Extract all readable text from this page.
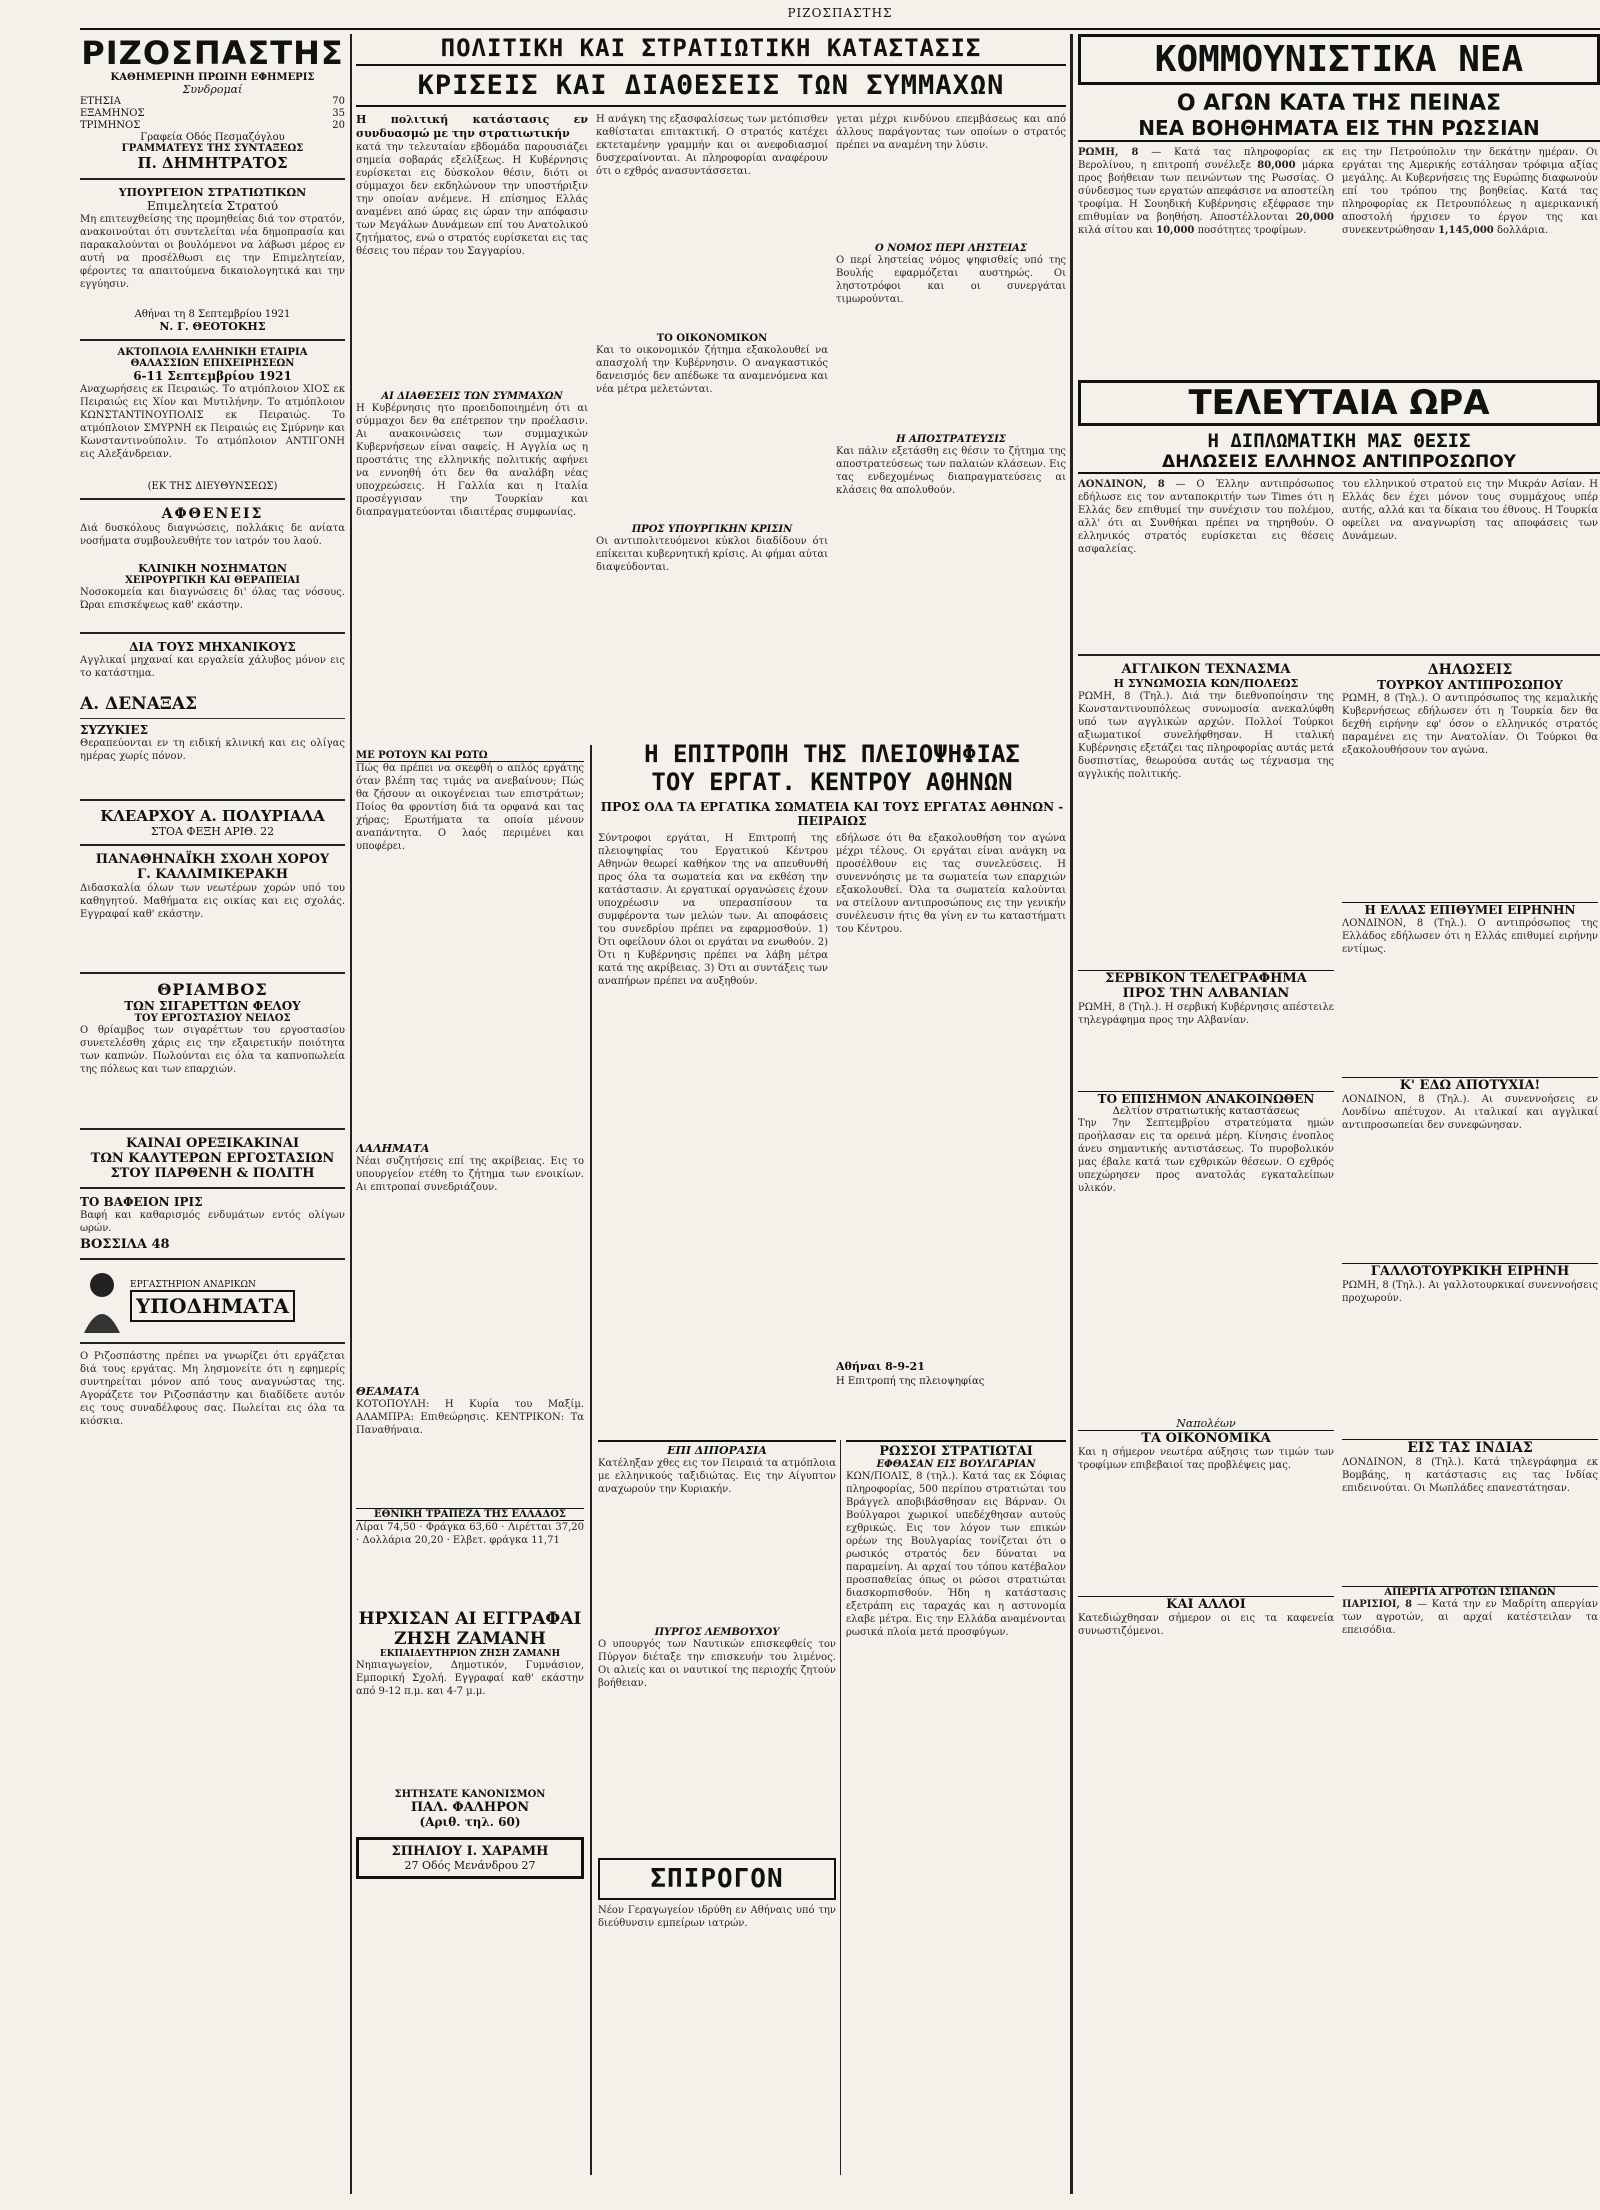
ΡΙΖΟΣΠΑΣΤΗΣ
ΡΙΖΟΣΠΑΣΤΗΣ
ΚΑΘΗΜΕΡΙΝΗ ΠΡΩΙΝΗ ΕΦΗΜΕΡΙΣ
Συνδρομαί
ΕΤΗΣΙΑ	70
ΕΞΑΜΗΝΟΣ	35
ΤΡΙΜΗΝΟΣ	20
Γραφεία Οδός Πεσμαζόγλου
ΓΡΑΜΜΑΤΕΥΣ ΤΗΣ ΣΥΝΤΑΞΕΩΣ
Π. ΔΗΜΗΤΡΑΤΟΣ
ΥΠΟΥΡΓΕΙΟΝ ΣΤΡΑΤΙΩΤΙΚΩΝ
Επιμελητεία Στρατού
Μη επιτευχθείσης της προμηθείας διά τον στρατόν, ανακοινούται ότι συντελείται νέα δημοπρασία και παρακαλούνται οι βουλόμενοι να λάβωσι μέρος εν αυτή να προσέλθωσι εις την Επιμελητείαν, φέροντες τα απαιτούμενα δικαιολογητικά και την εγγύησιν.
Αθήναι τη 8 Σεπτεμβρίου 1921
Ν. Γ. ΘΕΟΤΟΚΗΣ
ΑΚΤΟΠΛΟΙΑ ΕΛΛΗΝΙΚΗ ΕΤΑΙΡΙΑ
ΘΑΛΑΣΣΙΩΝ ΕΠΙΧΕΙΡΗΣΕΩΝ
6-11 Σεπτεμβρίου 1921
Αναχωρήσεις εκ Πειραιώς. Το ατμόπλοιον ΧΙΟΣ εκ Πειραιώς εις Χίον και Μυτιλήνην. Το ατμόπλοιον ΚΩΝΣΤΑΝΤΙΝΟΥΠΟΛΙΣ εκ Πειραιώς. Το ατμόπλοιον ΣΜΥΡΝΗ εκ Πειραιώς εις Σμύρνην και Κωνσταντινούπολιν. Το ατμόπλοιον ΑΝΤΙΓΟΝΗ εις Αλεξάνδρειαν.
(ΕΚ ΤΗΣ ΔΙΕΥΘΥΝΣΕΩΣ)
ΑΦΘΕΝΕΙΣ
Διά δυσκόλους διαγνώσεις, πολλάκις δε ανίατα νοσήματα συμβουλευθήτε τον ιατρόν του λαού.
ΚΛΙΝΙΚΗ ΝΟΣΗΜΑΤΩΝ
ΧΕΙΡΟΥΡΓΙΚΗ ΚΑΙ ΘΕΡΑΠΕΙΑΙ
Νοσοκομεία και διαγνώσεις δι' όλας τας νόσους. Ώραι επισκέψεως καθ' εκάστην.
ΔΙΑ ΤΟΥΣ ΜΗΧΑΝΙΚΟΥΣ
Αγγλικαί μηχαναί και εργαλεία χάλυβος μόνον εις το κατάστημα.
Α. ΔΕΝΑΞΑΣ
ΣΥΖΥΚΙΕΣ
Θεραπεύονται εν τη ειδική κλινική και εις ολίγας ημέρας χωρίς πόνον.
ΚΛΕΑΡΧΟΥ Α. ΠΟΛΥΡΙΑΛΑ
ΣΤΟΑ ΦΕΞΗ ΑΡΙΘ. 22
ΠΑΝΑΘΗΝΑΪΚΗ ΣΧΟΛΗ ΧΟΡΟΥ
Γ. ΚΑΛΛΙΜΙΚΕΡΑΚΗ
Διδασκαλία όλων των νεωτέρων χορών υπό του καθηγητού. Μαθήματα εις οικίας και εις σχολάς. Εγγραφαί καθ' εκάστην.
ΘΡΙΑΜΒΟΣ
ΤΩΝ ΣΙΓΑΡΕΤΤΩΝ ΦΕΛΟΥ
ΤΟΥ ΕΡΓΟΣΤΑΣΙΟΥ ΝΕΙΛΟΣ
Ο θρίαμβος των σιγαρέττων του εργοστασίου συνετελέσθη χάρις εις την εξαιρετικήν ποιότητα των καπνών. Πωλούνται εις όλα τα καπνοπωλεία της πόλεως και των επαρχιών.
ΚΑΙΝΑΙ ΟΡΕΞΙΚΑΚΙΝΑΙ
ΤΩΝ ΚΑΛΥΤΕΡΩΝ ΕΡΓΟΣΤΑΣΙΩΝ
ΣΤΟΥ ΠΑΡΘΕΝΗ & ΠΟΛΙΤΗ
ΤΟ ΒΑΦΕΙΟΝ ΙΡΙΣ
Βαφή και καθαρισμός ενδυμάτων εντός ολίγων ωρών.
ΒΟΣΣΙΛΑ 48
ΕΡΓΑΣΤΗΡΙΟΝ ΑΝΔΡΙΚΩΝ
ΥΠΟΔΗΜΑΤΑ
Ο Ριζοσπάστης πρέπει να γνωρίζει ότι εργάζεται διά τους εργάτας. Μη λησμονείτε ότι η εφημερίς συντηρείται μόνον από τους αναγνώστας της. Αγοράζετε τον Ριζοσπάστην και διαδίδετε αυτόν εις τους συναδέλφους σας. Πωλείται εις όλα τα κιόσκια.
ΠΟΛΙΤΙΚΗ ΚΑΙ ΣΤΡΑΤΙΩΤΙΚΗ ΚΑΤΑΣΤΑΣΙΣ
ΚΡΙΣΕΙΣ ΚΑΙ ΔΙΑΘΕΣΕΙΣ ΤΩΝ ΣΥΜΜΑΧΩΝ
Η πολιτική κατάστασις εν συνδυασμώ με την στρατιωτικήν
κατά την τελευταίαν εβδομάδα παρουσιάζει σημεία σοβαράς εξελίξεως. Η Κυβέρνησις ευρίσκεται εις δύσκολον θέσιν, διότι οι σύμμαχοι δεν εκδηλώνουν την υποστήριξιν την οποίαν ανέμενε. Η επίσημος Ελλάς αναμένει από ώρας εις ώραν την απόφασιν των Μεγάλων Δυνάμεων επί του Ανατολικού ζητήματος, ενώ ο στρατός ευρίσκεται εις τας θέσεις του πέραν του Σαγγαρίου.
ΑΙ ΔΙΑΘΕΣΕΙΣ ΤΩΝ ΣΥΜΜΑΧΩΝ
Η Κυβέρνησις ητο προειδοποιημένη ότι αι σύμμαχοι δεν θα επέτρεπον την προέλασιν. Αι ανακοινώσεις των συμμαχικών Κυβερνήσεων είναι σαφείς. Η Αγγλία ως η προστάτις της ελληνικής πολιτικής αφήνει να εννοηθή ότι δεν θα αναλάβη νέας υποχρεώσεις. Η Γαλλία και η Ιταλία προσέγγισαν την Τουρκίαν και διαπραγματεύονται ιδιαιτέρας συμφωνίας.
Η ανάγκη της εξασφαλίσεως των μετόπισθεν καθίσταται επιτακτική. Ο στρατός κατέχει εκτεταμένην γραμμήν και οι ανεφοδιασμοί δυσχεραίνονται. Αι πληροφορίαι αναφέρουν ότι ο εχθρός ανασυντάσσεται.
ΤΟ ΟΙΚΟΝΟΜΙΚΟΝ
Και το οικονομικόν ζήτημα εξακολουθεί να απασχολή την Κυβέρνησιν. Ο αναγκαστικός δανεισμός δεν απέδωκε τα αναμενόμενα και νέα μέτρα μελετώνται.
ΠΡΟΣ ΥΠΟΥΡΓΙΚΗΝ ΚΡΙΣΙΝ
Οι αντιπολιτευόμενοι κύκλοι διαδίδουν ότι επίκειται κυβερνητική κρίσις. Αι φήμαι αύται διαψεύδονται.
γεται μέχρι κινδύνου επεμβάσεως και από άλλους παράγοντας των οποίων ο στρατός πρέπει να αναμένη την λύσιν.
Ο ΝΟΜΟΣ ΠΕΡΙ ΛΗΣΤΕΙΑΣ
Ο περί ληστείας νόμος ψηφισθείς υπό της Βουλής εφαρμόζεται αυστηρώς. Οι ληστοτρόφοι και οι συνεργάται τιμωρούνται.
Η ΑΠΟΣΤΡΑΤΕΥΣΙΣ
Και πάλιν εξετάσθη εις θέσιν το ζήτημα της αποστρατεύσεως των παλαιών κλάσεων. Εις τας ενδεχομένως διαπραγματεύσεις αι κλάσεις θα απολυθούν.
ΜΕ ΡΟΤΟΥΝ ΚΑΙ ΡΩΤΩ
Πώς θα πρέπει να σκεφθή ο απλός εργάτης όταν βλέπη τας τιμάς να ανεβαίνουν; Πώς θα ζήσουν αι οικογένειαι των επιστράτων; Ποίος θα φροντίση διά τα ορφανά και τας χήρας; Ερωτήματα τα οποία μένουν αναπάντητα. Ο λαός περιμένει και υποφέρει.
ΛΑΛΗΜΑΤΑ
Νέαι συζητήσεις επί της ακρίβειας. Εις το υπουργείον ετέθη το ζήτημα των ενοικίων. Αι επιτροπαί συνεδριάζουν.
ΘΕΑΜΑΤΑ
ΚΟΤΟΠΟΥΛΗ: Η Κυρία του Μαξίμ. ΑΛΑΜΠΡΑ: Επιθεώρησις. ΚΕΝΤΡΙΚΟΝ: Τα Παναθήναια.
ΕΘΝΙΚΗ ΤΡΑΠΕΖΑ ΤΗΣ ΕΛΛΑΔΟΣ
Λίραι 74,50 · Φράγκα 63,60 · Λιρέτται 37,20 · Δολλάρια 20,20 · Ελβετ. φράγκα 11,71
ΗΡΧΙΣΑΝ ΑΙ ΕΓΓΡΑΦΑΙ
ΖΗΣΗ ΖΑΜΑΝΗ
ΕΚΠΑΙΔΕΥΤΗΡΙΟΝ ΖΗΣΗ ΖΑΜΑΝΗ
Νηπιαγωγείον, Δημοτικόν, Γυμνάσιον, Εμπορική Σχολή. Εγγραφαί καθ' εκάστην από 9-12 π.μ. και 4-7 μ.μ.
ΣΗΤΗΣΑΤΕ ΚΑΝΟΝΙΣΜΟΝ
ΠΑΛ. ΦΑΛΗΡΟΝ
(Αριθ. τηλ. 60)
ΣΠΗΛΙΟΥ Ι. ΧΑΡΑΜΗ
27 Οδός Μενάνδρου 27
Η ΕΠΙΤΡΟΠΗ ΤΗΣ ΠΛΕΙΟΨΗΦΙΑΣ
ΤΟΥ ΕΡΓΑΤ. ΚΕΝΤΡΟΥ ΑΘΗΝΩΝ
ΠΡΟΣ ΟΛΑ ΤΑ ΕΡΓΑΤΙΚΑ ΣΩΜΑΤΕΙΑ ΚΑΙ ΤΟΥΣ ΕΡΓΑΤΑΣ ΑΘΗΝΩΝ - ΠΕΙΡΑΙΩΣ
Σύντροφοι εργάται, Η Επιτροπή της πλειοψηφίας του Εργατικού Κέντρου Αθηνών θεωρεί καθήκον της να απευθυνθή προς όλα τα σωματεία και να εκθέση την κατάστασιν. Αι εργατικαί οργανώσεις έχουν υποχρέωσιν να υπερασπίσουν τα συμφέροντα των μελών των. Αι αποφάσεις του συνεδρίου πρέπει να εφαρμοσθούν. 1) Ότι οφείλουν όλοι οι εργάται να ενωθούν. 2) Ότι η Κυβέρνησις πρέπει να λάβη μέτρα κατά της ακρίβειας. 3) Ότι αι συντάξεις των αναπήρων πρέπει να αυξηθούν.
εδήλωσε ότι θα εξακολουθήση τον αγώνα μέχρι τέλους. Οι εργάται είναι ανάγκη να προσέλθουν εις τας συνελεύσεις. Η συνεννόησις με τα σωματεία των επαρχιών εξακολουθεί. Όλα τα σωματεία καλούνται να στείλουν αντιπροσώπους εις την γενικήν συνέλευσιν ήτις θα γίνη εν τω καταστήματι του Κέντρου.
Αθήναι 8-9-21
Η Επιτροπή της πλειοψηφίας
ΕΠΙ ΔΙΠΟΡΑΣΙΑ
Κατέληξαν χθες εις τον Πειραιά τα ατμόπλοια με ελληνικούς ταξιδιώτας. Εις την Αίγυπτον αναχωρούν την Κυριακήν.
ΠΥΡΓΟΣ ΛΕΜΒΟΥΧΟΥ
Ο υπουργός των Ναυτικών επισκεφθείς τον Πύργον διέταξε την επισκευήν του λιμένος. Οι αλιείς και οι ναυτικοί της περιοχής ζητούν βοήθειαν.
ΣΠΙΡΟΓΟΝ
Νέον Γεραγωγείον ιδρύθη εν Αθήναις υπό την διεύθυνσιν εμπείρων ιατρών.
ΡΩΣΣΟΙ ΣΤΡΑΤΙΩΤΑΙ
ΕΦΘΑΣΑΝ ΕΙΣ ΒΟΥΛΓΑΡΙΑΝ
ΚΩΝ/ΠΟΛΙΣ, 8 (τηλ.). Κατά τας εκ Σόφιας πληροφορίας, 500 περίπου στρατιώται του Βράγγελ αποβιβάσθησαν εις Βάρναν. Οι Βούλγαροι χωρικοί υπεδέχθησαν αυτούς εχθρικώς. Εις τον λόγον των επικών ορέων της Βουλγαρίας τονίζεται ότι ο ρωσικός στρατός δεν δύναται να παραμείνη. Αι αρχαί του τόπου κατέβαλον προσπαθείας όπως οι ρώσοι στρατιώται διασκορπισθούν. Ήδη η κατάστασις εξετράπη εις ταραχάς και η αστυνομία ελαβε μέτρα. Εις την Ελλάδα αναμένονται ρωσικά πλοία μετά προσφύγων.
ΚΟΜΜΟΥΝΙΣΤΙΚΑ ΝΕΑ
Ο ΑΓΩΝ ΚΑΤΑ ΤΗΣ ΠΕΙΝΑΣ
ΝΕΑ ΒΟΗΘΗΜΑΤΑ ΕΙΣ ΤΗΝ ΡΩΣΣΙΑΝ
ΡΩΜΗ, 8 — Κατά τας πληροφορίας εκ Βερολίνου, η επιτροπή συνέλεξε 80,000 μάρκα προς βοήθειαν των πεινώντων της Ρωσσίας. Ο σύνδεσμος των εργατών απεφάσισε να αποστείλη τροφίμα. Η Σουηδική Κυβέρνησις εξέφρασε την επιθυμίαν να βοηθήση. Αποστέλλονται 20,000 κιλά σίτου και 10,000 ποσότητες τροφίμων.
εις την Πετρούπολιν την δεκάτην ημέραν. Οι εργάται της Αμερικής εστάλησαν τρόφιμα αξίας μεγάλης. Αι Κυβερνήσεις της Ευρώπης διαφωνούν επί του τρόπου της βοηθείας. Κατά τας πληροφορίας εκ Πετρουπόλεως η αμερικανική αποστολή ήρχισεν το έργον της και συνεκεντρώθησαν 1,145,000 δολλάρια.
ΤΕΛΕΥΤΑΙΑ ΩΡΑ
Η ΔΙΠΛΩΜΑΤΙΚΗ ΜΑΣ ΘΕΣΙΣ
ΔΗΛΩΣΕΙΣ ΕΛΛΗΝΟΣ ΑΝΤΙΠΡΟΣΩΠΟΥ
ΛΟΝΔΙΝΟΝ, 8 — Ο Έλλην αντιπρόσωπος εδήλωσε εις τον ανταποκριτήν των Times ότι η Ελλάς δεν επιθυμεί την συνέχισιν του πολέμου, αλλ' ότι αι Συνθήκαι πρέπει να τηρηθούν. Ο ελληνικός στρατός ευρίσκεται εις θέσεις ασφαλείας.
του ελληνικού στρατού εις την Μικράν Ασίαν. Η Ελλάς δεν έχει μόνον τους συμμάχους υπέρ αυτής, αλλά και τα δίκαια του έθνους. Η Τουρκία οφείλει να αναγνωρίση τας αποφάσεις των Δυνάμεων.
ΑΓΓΛΙΚΟΝ ΤΕΧΝΑΣΜΑ
Η ΣΥΝΩΜΟΣΙΑ ΚΩΝ/ΠΟΛΕΩΣ
ΡΩΜΗ, 8 (Τηλ.). Διά την διεθνοποίησιν της Κωνσταντινουπόλεως συνωμοσία ανεκαλύφθη υπό των αγγλικών αρχών. Πολλοί Τούρκοι αξιωματικοί συνελήφθησαν. Η ιταλική Κυβέρνησις εξετάζει τας πληροφορίας αυτάς μετά δυσπιστίας, θεωρούσα αυτάς ως τέχνασμα της αγγλικής πολιτικής.
ΣΕΡΒΙΚΟΝ ΤΕΛΕΓΡΑΦΗΜΑ
ΠΡΟΣ ΤΗΝ ΑΛΒΑΝΙΑΝ
ΡΩΜΗ, 8 (Τηλ.). Η σερβική Κυβέρνησις απέστειλε τηλεγράφημα προς την Αλβανίαν.
ΤΟ ΕΠΙΣΗΜΟΝ ΑΝΑΚΟΙΝΩΘΕΝ
Δελτίον στρατιωτικής καταστάσεως
Την 7ην Σεπτεμβρίου στρατεύματα ημών προήλασαν εις τα ορεινά μέρη. Κίνησις ένοπλος άνευ σημαντικής αντιστάσεως. Το πυροβολικόν μας έβαλε κατά των εχθρικών θέσεων. Ο εχθρός υπεχώρησεν προς ανατολάς εγκαταλείπων υλικόν.
Ναπολέων
ΤΑ ΟΙΚΟΝΟΜΙΚΑ
Και η σήμερον νεωτέρα αύξησις των τιμών των τροφίμων επιβεβαιοί τας προβλέψεις μας.
ΚΑΙ ΑΛΛΟΙ
Κατεδιώχθησαν σήμερον οι εις τα καφενεία συνωστιζόμενοι.
ΔΗΛΩΣΕΙΣ
ΤΟΥΡΚΟΥ ΑΝΤΙΠΡΟΣΩΠΟΥ
ΡΩΜΗ, 8 (Τηλ.). Ο αντιπρόσωπος της κεμαλικής Κυβερνήσεως εδήλωσεν ότι η Τουρκία δεν θα δεχθή ειρήνην εφ' όσον ο ελληνικός στρατός παραμένει εις την Ανατολίαν. Οι Τούρκοι θα εξακολουθήσουν τον αγώνα.
Η ΕΛΛΑΣ ΕΠΙΘΥΜΕΙ ΕΙΡΗΝΗΝ
ΛΟΝΔΙΝΟΝ, 8 (Τηλ.). Ο αντιπρόσωπος της Ελλάδος εδήλωσεν ότι η Ελλάς επιθυμεί ειρήνην εντίμως.
Κ' ΕΔΩ ΑΠΟΤΥΧΙΑ!
ΛΟΝΔΙΝΟΝ, 8 (Τηλ.). Αι συνεννοήσεις εν Λονδίνω απέτυχον. Αι ιταλικαί και αγγλικαί αντιπροσωπείαι δεν συνεφώνησαν.
ΓΑΛΛΟΤΟΥΡΚΙΚΗ ΕΙΡΗΝΗ
ΡΩΜΗ, 8 (Τηλ.). Αι γαλλοτουρκικαί συνεννοήσεις προχωρούν.
ΕΙΣ ΤΑΣ ΙΝΔΙΑΣ
ΛΟΝΔΙΝΟΝ, 8 (Τηλ.). Κατά τηλεγράφημα εκ Βομβάης, η κατάστασις εις τας Ινδίας επιδεινούται. Οι Μωπλάδες επανεστάτησαν.
ΑΠΕΡΓΙΑ ΑΓΡΟΤΩΝ ΙΣΠΑΝΩΝ
ΠΑΡΙΣΙΟΙ, 8 — Κατά την εν Μαδρίτη απεργίαν των αγροτών, αι αρχαί κατέστειλαν τα επεισόδια.
